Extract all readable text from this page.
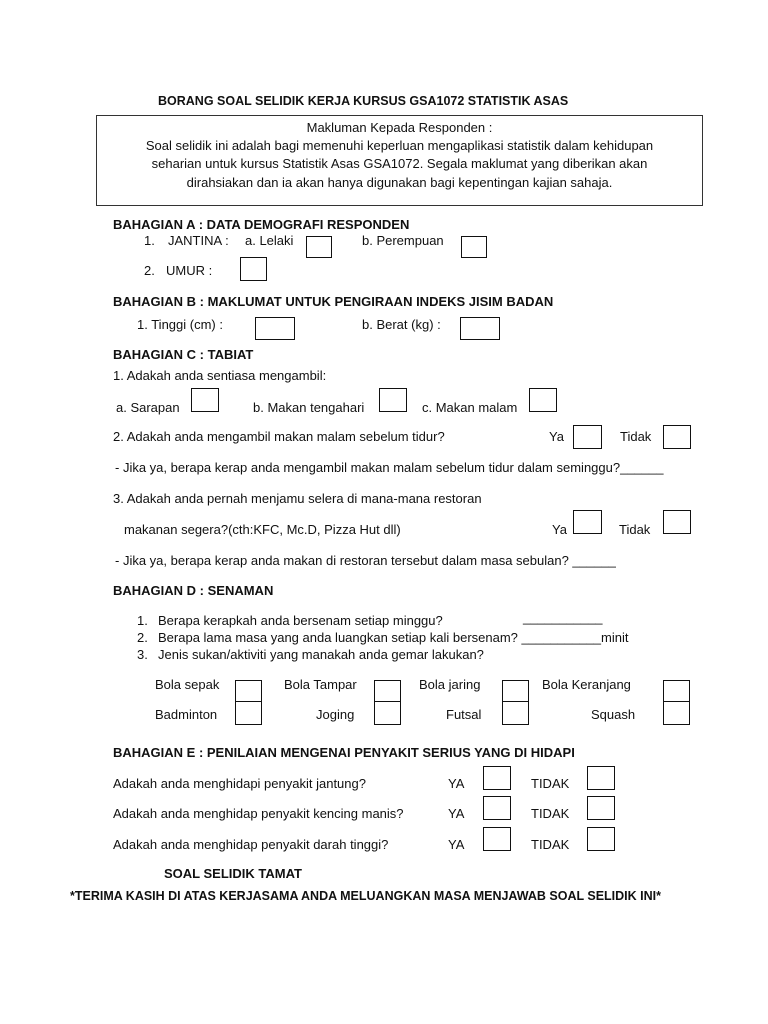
BORANG SOAL SELIDIK KERJA KURSUS GSA1072 STATISTIK ASAS
Makluman Kepada Responden :
Soal selidik ini adalah bagi memenuhi keperluan mengaplikasi statistik dalam kehidupan
seharian untuk kursus Statistik Asas GSA1072. Segala maklumat yang diberikan akan
dirahsiakan dan ia akan hanya digunakan bagi kepentingan kajian sahaja.
BAHAGIAN A : DATA DEMOGRAFI RESPONDEN
1. JANTINA : a. Lelaki	b. Perempuan
2. UMUR :
BAHAGIAN B : MAKLUMAT UNTUK PENGIRAAN INDEKS JISIM BADAN
1. Tinggi (cm) :	b. Berat (kg) :
BAHAGIAN C : TABIAT
1. Adakah anda sentiasa mengambil:
a. Sarapan	b. Makan tengahari	c. Makan malam
2. Adakah anda mengambil makan malam sebelum tidur?	Ya	Tidak
- Jika ya, berapa kerap anda mengambil makan malam sebelum tidur dalam seminggu?______
3. Adakah anda pernah menjamu selera di mana-mana restoran
makanan segera?(cth:KFC, Mc.D, Pizza Hut dll)	Ya	Tidak
- Jika ya, berapa kerap anda makan di restoran tersebut dalam masa sebulan? ______
BAHAGIAN D : SENAMAN
1. Berapa kerapkah anda bersenam setiap minggu?	___________
2. Berapa lama masa yang anda luangkan setiap kali bersenam? ___________minit
3. Jenis sukan/aktiviti yang manakah anda gemar lakukan?
Bola sepak	Bola Tampar	Bola jaring	Bola Keranjang
Badminton	Joging	Futsal	Squash
BAHAGIAN E : PENILAIAN MENGENAI PENYAKIT SERIUS YANG DI HIDAPI
Adakah anda menghidapi penyakit jantung?	YA	TIDAK
Adakah anda menghidap penyakit kencing manis?	YA	TIDAK
Adakah anda menghidap penyakit darah tinggi?	YA	TIDAK
SOAL SELIDIK TAMAT
*TERIMA KASIH DI ATAS KERJASAMA ANDA MELUANGKAN MASA MENJAWAB SOAL SELIDIK INI*
